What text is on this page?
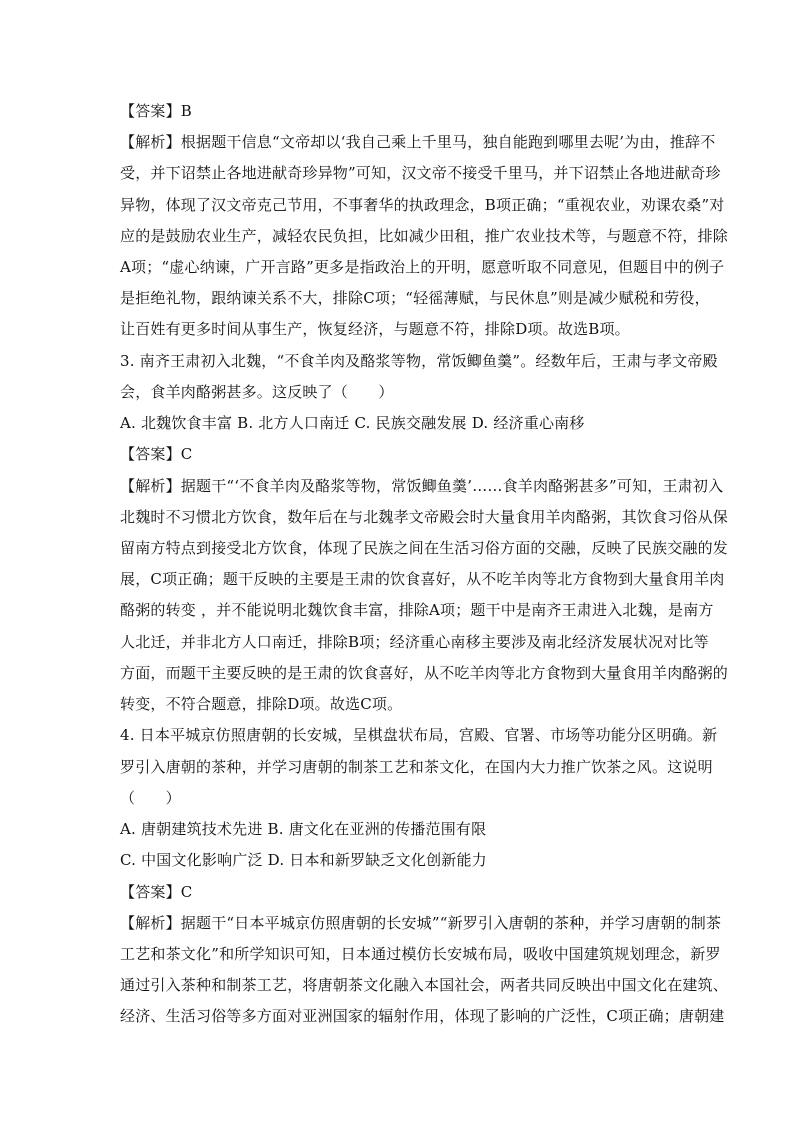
【答案】B
【解析】根据题干信息“文帝却以‘我自己乘上千里马，独自能跑到哪里去呢’为由，推辞不
受，并下诏禁止各地进献奇珍异物”可知，汉文帝不接受千里马，并下诏禁止各地进献奇珍
异物，体现了汉文帝克己节用，不事奢华的执政理念，B项正确；“重视农业，劝课农桑”对
应的是鼓励农业生产，减轻农民负担，比如减少田租，推广农业技术等，与题意不符，排除
A项；“虚心纳谏，广开言路”更多是指政治上的开明，愿意听取不同意见，但题目中的例子
是拒绝礼物，跟纳谏关系不大，排除C项；“轻徭薄赋，与民休息”则是减少赋税和劳役，
让百姓有更多时间从事生产，恢复经济，与题意不符，排除D项。故选B项。
3. 南齐王肃初入北魏，“不食羊肉及酪浆等物，常饭鲫鱼羹”。经数年后，王肃与孝文帝殿
会，食羊肉酪粥甚多。这反映了（　　）
A. 北魏饮食丰富 B. 北方人口南迁 C. 民族交融发展 D. 经济重心南移
【答案】C
【解析】据题干“‘不食羊肉及酪浆等物，常饭鲫鱼羹’……食羊肉酪粥甚多”可知，王肃初入
北魏时不习惯北方饮食，数年后在与北魏孝文帝殿会时大量食用羊肉酪粥，其饮食习俗从保
留南方特点到接受北方饮食，体现了民族之间在生活习俗方面的交融，反映了民族交融的发
展，C项正确；题干反映的主要是王肃的饮食喜好，从不吃羊肉等北方食物到大量食用羊肉
酪粥的转变 ，并不能说明北魏饮食丰富，排除A项；题干中是南齐王肃进入北魏，是南方
人北迁，并非北方人口南迁，排除B项；经济重心南移主要涉及南北经济发展状况对比等
方面，而题干主要反映的是王肃的饮食喜好，从不吃羊肉等北方食物到大量食用羊肉酪粥的
转变，不符合题意，排除D项。故选C项。
4. 日本平城京仿照唐朝的长安城，呈棋盘状布局，宫殿、官署、市场等功能分区明确。新
罗引入唐朝的茶种，并学习唐朝的制茶工艺和茶文化，在国内大力推广饮茶之风。这说明
（　　）
A. 唐朝建筑技术先进 B. 唐文化在亚洲的传播范围有限
C. 中国文化影响广泛 D. 日本和新罗缺乏文化创新能力
【答案】C
【解析】据题干“日本平城京仿照唐朝的长安城”“新罗引入唐朝的茶种，并学习唐朝的制茶
工艺和茶文化”和所学知识可知，日本通过模仿长安城布局，吸收中国建筑规划理念，新罗
通过引入茶种和制茶工艺，将唐朝茶文化融入本国社会，两者共同反映出中国文化在建筑、
经济、生活习俗等多方面对亚洲国家的辐射作用，体现了影响的广泛性，C项正确；唐朝建
